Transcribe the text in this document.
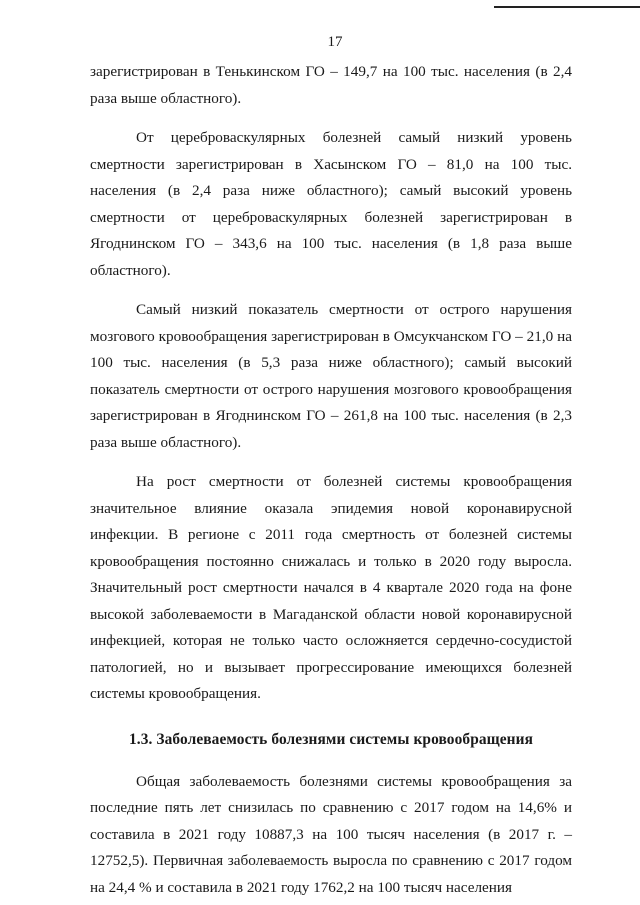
17

зарегистрирован в Тенькинском ГО – 149,7 на 100 тыс. населения (в 2,4 раза выше областного).

От цереброваскулярных болезней самый низкий уровень смертности зарегистрирован в Хасынском ГО – 81,0 на 100 тыс. населения (в 2,4 раза ниже областного); самый высокий уровень смертности от цереброваскулярных болезней зарегистрирован в Ягоднинском ГО – 343,6 на 100 тыс. населения (в 1,8 раза выше областного).

Самый низкий показатель смертности от острого нарушения мозгового кровообращения зарегистрирован в Омсукчанском ГО – 21,0 на 100 тыс. населения (в 5,3 раза ниже областного); самый высокий показатель смертности от острого нарушения мозгового кровообращения зарегистрирован в Ягоднинском ГО – 261,8 на 100 тыс. населения (в 2,3 раза выше областного).

На рост смертности от болезней системы кровообращения значительное влияние оказала эпидемия новой коронавирусной инфекции. В регионе с 2011 года смертность от болезней системы кровообращения постоянно снижалась и только в 2020 году выросла. Значительный рост смертности начался в 4 квартале 2020 года на фоне высокой заболеваемости в Магаданской области новой коронавирусной инфекцией, которая не только часто осложняется сердечно-сосудистой патологией, но и вызывает прогрессирование имеющихся болезней системы кровообращения.

1.3. Заболеваемость болезнями системы кровообращения

Общая заболеваемость болезнями системы кровообращения за последние пять лет снизилась по сравнению с 2017 годом на 14,6% и составила в 2021 году 10887,3 на 100 тысяч населения (в 2017 г. – 12752,5). Первичная заболеваемость выросла по сравнению с 2017 годом на 24,4 % и составила в 2021 году 1762,2 на 100 тысяч населения
